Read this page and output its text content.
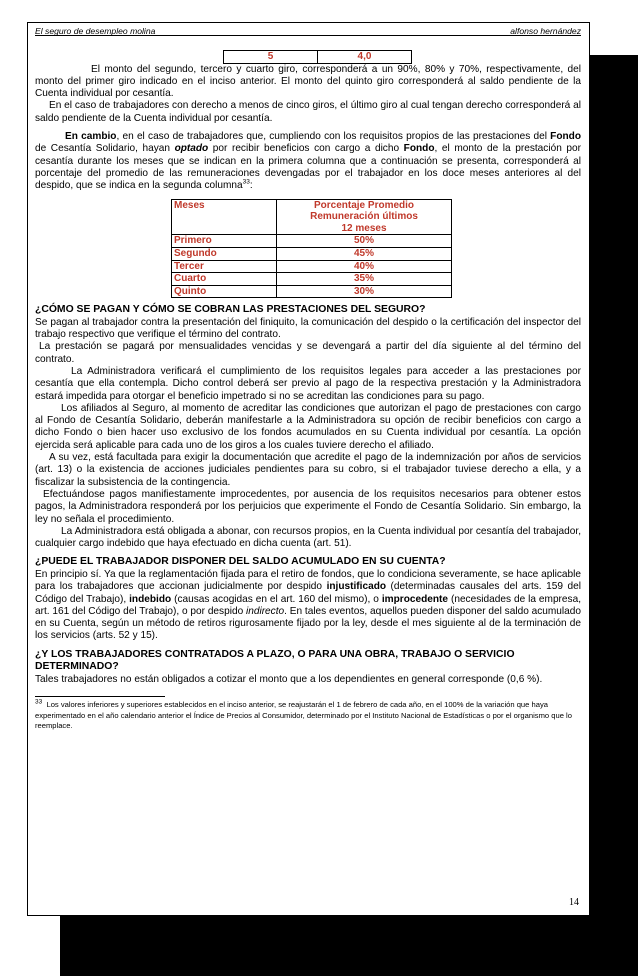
El seguro de desempleo molina	alfonso hernández
5	4,0

El monto del segundo, tercero y cuarto giro, corresponderá a un 90%, 80% y 70%, respectivamente, del monto del primer giro indicado en el inciso anterior. El monto del quinto giro corresponderá al saldo pendiente de la Cuenta individual por cesantía.

En el caso de trabajadores con derecho a menos de cinco giros, el último giro al cual tengan derecho corresponderá al saldo pendiente de la Cuenta individual por cesantía.

En cambio, en el caso de trabajadores que, cumpliendo con los requisitos propios de las prestaciones del Fondo de Cesantía Solidario, hayan optado por recibir beneficios con cargo a dicho Fondo, el monto de la prestación por cesantía durante los meses que se indican en la primera columna que a continuación se presenta, corresponderá al porcentaje del promedio de las remuneraciones devengadas por el trabajador en los doce meses anteriores al del despido, que se indica en la segunda columna$^{33}$:

Meses	Porcentaje Promedio
Remuneración últimos
12 meses

Primero	50%
Segundo	45%
Tercer	40%
Cuarto	35%
Quinto	30%
¿CÓMO SE PAGAN Y CÓMO SE COBRAN LAS PRESTACIONES DEL SEGURO?

Se pagan al trabajador contra la presentación del finiquito, la comunicación del despido o la certificación del inspector del trabajo respectivo que verifique el término del contrato.

La prestación se pagará por mensualidades vencidas y se devengará a partir del día siguiente al del término del contrato.

La Administradora verificará el cumplimiento de los requisitos legales para acceder a las prestaciones por cesantía que ella contempla. Dicho control deberá ser previo al pago de la respectiva prestación y la Administradora estará impedida para otorgar el beneficio impetrado si no se acreditan las condiciones para su pago.

Los afiliados al Seguro, al momento de acreditar las condiciones que autorizan el pago de prestaciones con cargo al Fondo de Cesantía Solidario, deberán manifestarle a la Administradora su opción de recibir beneficios con cargo a dicho Fondo o bien hacer uso exclusivo de los fondos acumulados en su Cuenta individual por cesantía. La opción ejercida será aplicable para cada uno de los giros a los cuales tuviere derecho el afiliado.

A su vez, está facultada para exigir la documentación que acredite el pago de la indemnización por años de servicios (art. 13) o la existencia de acciones judiciales pendientes para su cobro, si el trabajador tuviese derecho a ella, y a fiscalizar la subsistencia de la contingencia.

Efectuándose pagos manifiestamente improcedentes, por ausencia de los requisitos necesarios para obtener estos pagos, la Administradora responderá por los perjuicios que experimente el Fondo de Cesantía Solidario. Sin embargo, la ley no señala el procedimiento.

La Administradora está obligada a abonar, con recursos propios, en la Cuenta individual por cesantía del trabajador, cualquier cargo indebido que haya efectuado en dicha cuenta (art. 51).

¿PUEDE EL TRABAJADOR DISPONER DEL SALDO ACUMULADO EN SU CUENTA?

En principio sí. Ya que la reglamentación fijada para el retiro de fondos, que lo condiciona severamente, se hace aplicable para los trabajadores que accionan judicialmente por despido injustificado (determinadas causales del arts. 159 del Código del Trabajo), indebido (causas acogidas en el art. 160 del mismo), o improcedente (necesidades de la empresa, art. 161 del Código del Trabajo), o por despido indirecto. En tales eventos, aquellos pueden disponer del saldo acumulado en su Cuenta, según un método de retiros rigurosamente fijado por la ley, desde el mes siguiente al de la terminación de los servicios (arts. 52 y 15).

¿Y LOS TRABAJADORES CONTRATADOS A PLAZO, O PARA UNA OBRA, TRABAJO O SERVICIO DETERMINADO?

Tales trabajadores no están obligados a cotizar el monto que a los dependientes en general corresponde (0,6 %).

$^{33}$ Los valores inferiores y superiores establecidos en el inciso anterior, se reajustarán el 1 de febrero de cada año, en el 100% de la variación que haya experimentado en el año calendario anterior el Índice de Precios al Consumidor, determinado por el Instituto Nacional de Estadísticas o por el organismo que lo reemplace.

14
